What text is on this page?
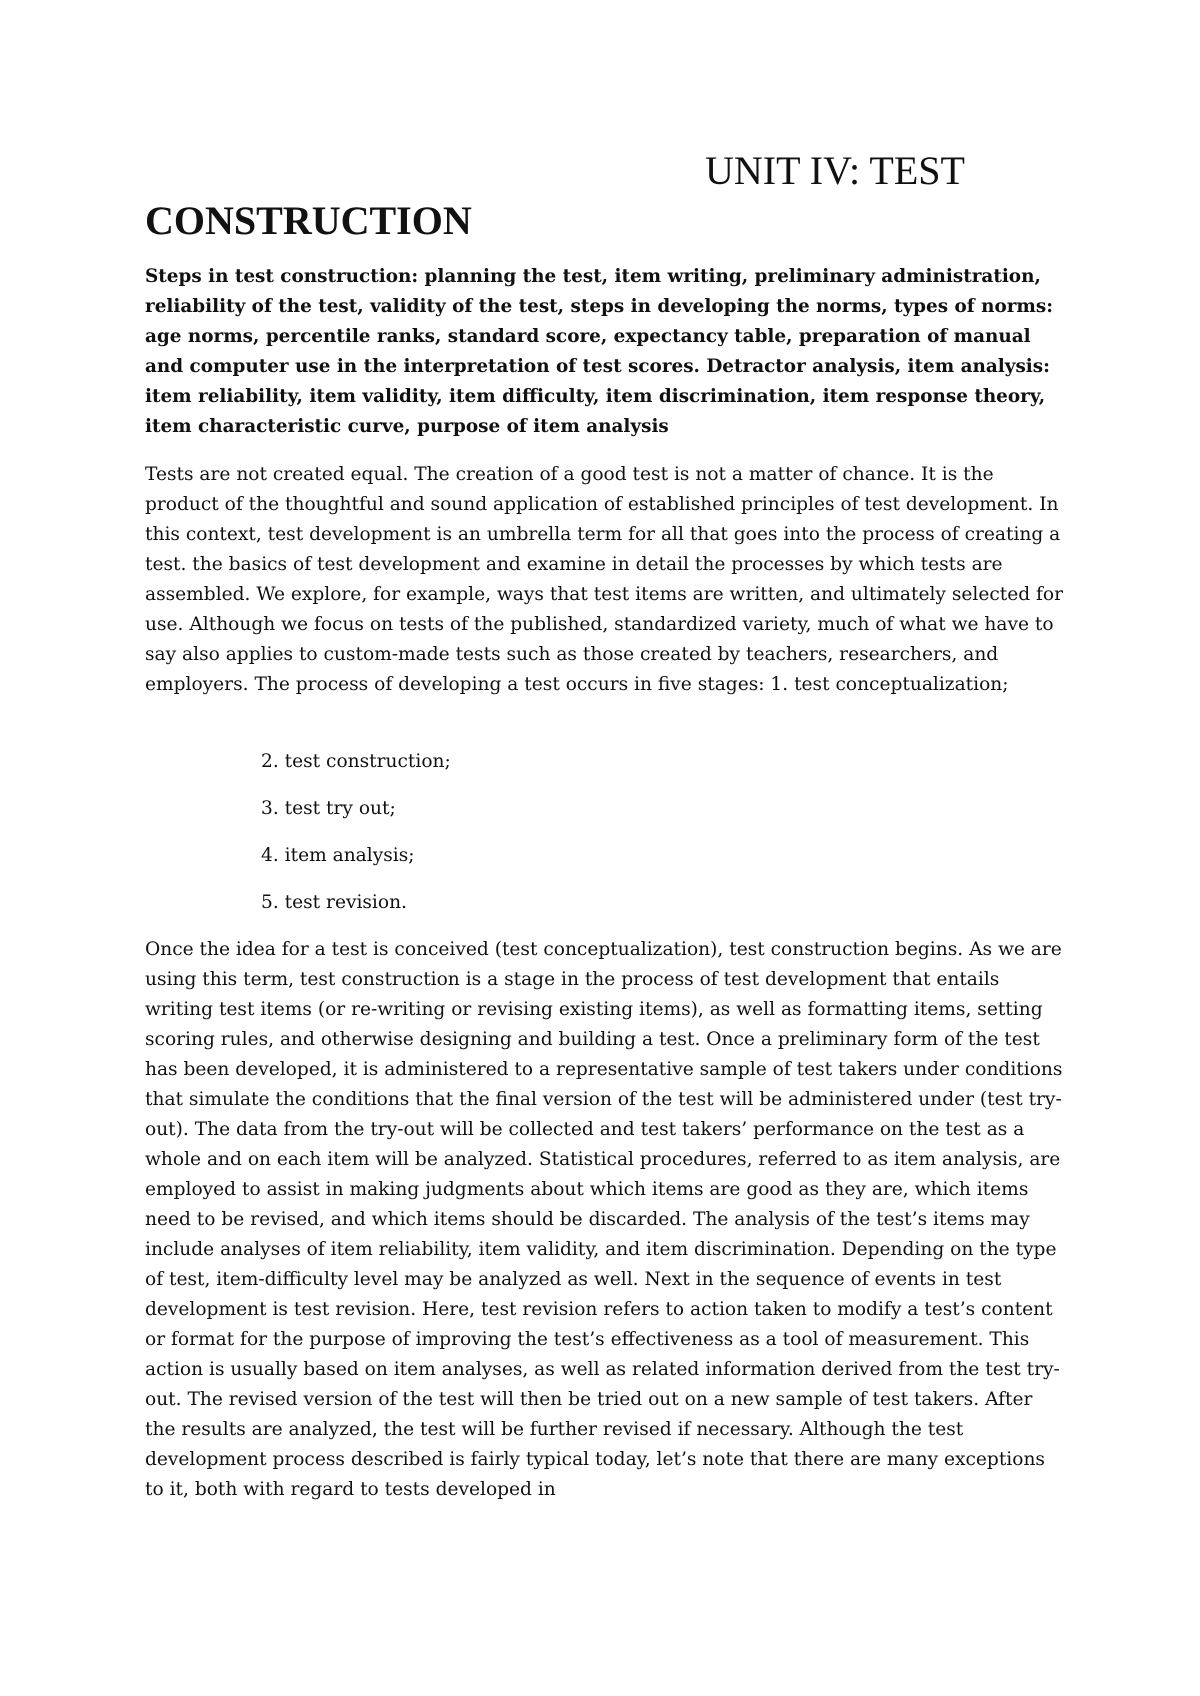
UNIT IV: TEST
CONSTRUCTION

Steps in test construction: planning the test, item writing, preliminary administration, reliability of the test, validity of the test, steps in developing the norms, types of norms: age norms, percentile ranks, standard score, expectancy table, preparation of manual and computer use in the interpretation of test scores. Detractor analysis, item analysis: item reliability, item validity, item difficulty, item discrimination, item response theory, item characteristic curve, purpose of item analysis

Tests are not created equal. The creation of a good test is not a matter of chance. It is the product of the thoughtful and sound application of established principles of test development. In this context, test development is an umbrella term for all that goes into the process of creating a test. the basics of test development and examine in detail the processes by which tests are assembled. We explore, for example, ways that test items are written, and ultimately selected for use. Although we focus on tests of the published, standardized variety, much of what we have to say also applies to custom-made tests such as those created by teachers, researchers, and employers. The process of developing a test occurs in five stages: 1. test conceptualization;

2. test construction;
3. test try out;
4. item analysis;
5. test revision.

Once the idea for a test is conceived (test conceptualization), test construction begins. As we are using this term, test construction is a stage in the process of test development that entails writing test items (or re-writing or revising existing items), as well as formatting items, setting scoring rules, and otherwise designing and building a test. Once a preliminary form of the test has been developed, it is administered to a representative sample of test takers under conditions that simulate the conditions that the final version of the test will be administered under (test try-out). The data from the try-out will be collected and test takers’ performance on the test as a whole and on each item will be analyzed. Statistical procedures, referred to as item analysis, are employed to assist in making judgments about which items are good as they are, which items need to be revised, and which items should be discarded. The analysis of the test’s items may include analyses of item reliability, item validity, and item discrimination. Depending on the type of test, item-difficulty level may be analyzed as well. Next in the sequence of events in test development is test revision. Here, test revision refers to action taken to modify a test’s content or format for the purpose of improving the test’s effectiveness as a tool of measurement. This action is usually based on item analyses, as well as related information derived from the test try-out. The revised version of the test will then be tried out on a new sample of test takers. After the results are analyzed, the test will be further revised if necessary. Although the test development process described is fairly typical today, let’s note that there are many exceptions to it, both with regard to tests developed in
